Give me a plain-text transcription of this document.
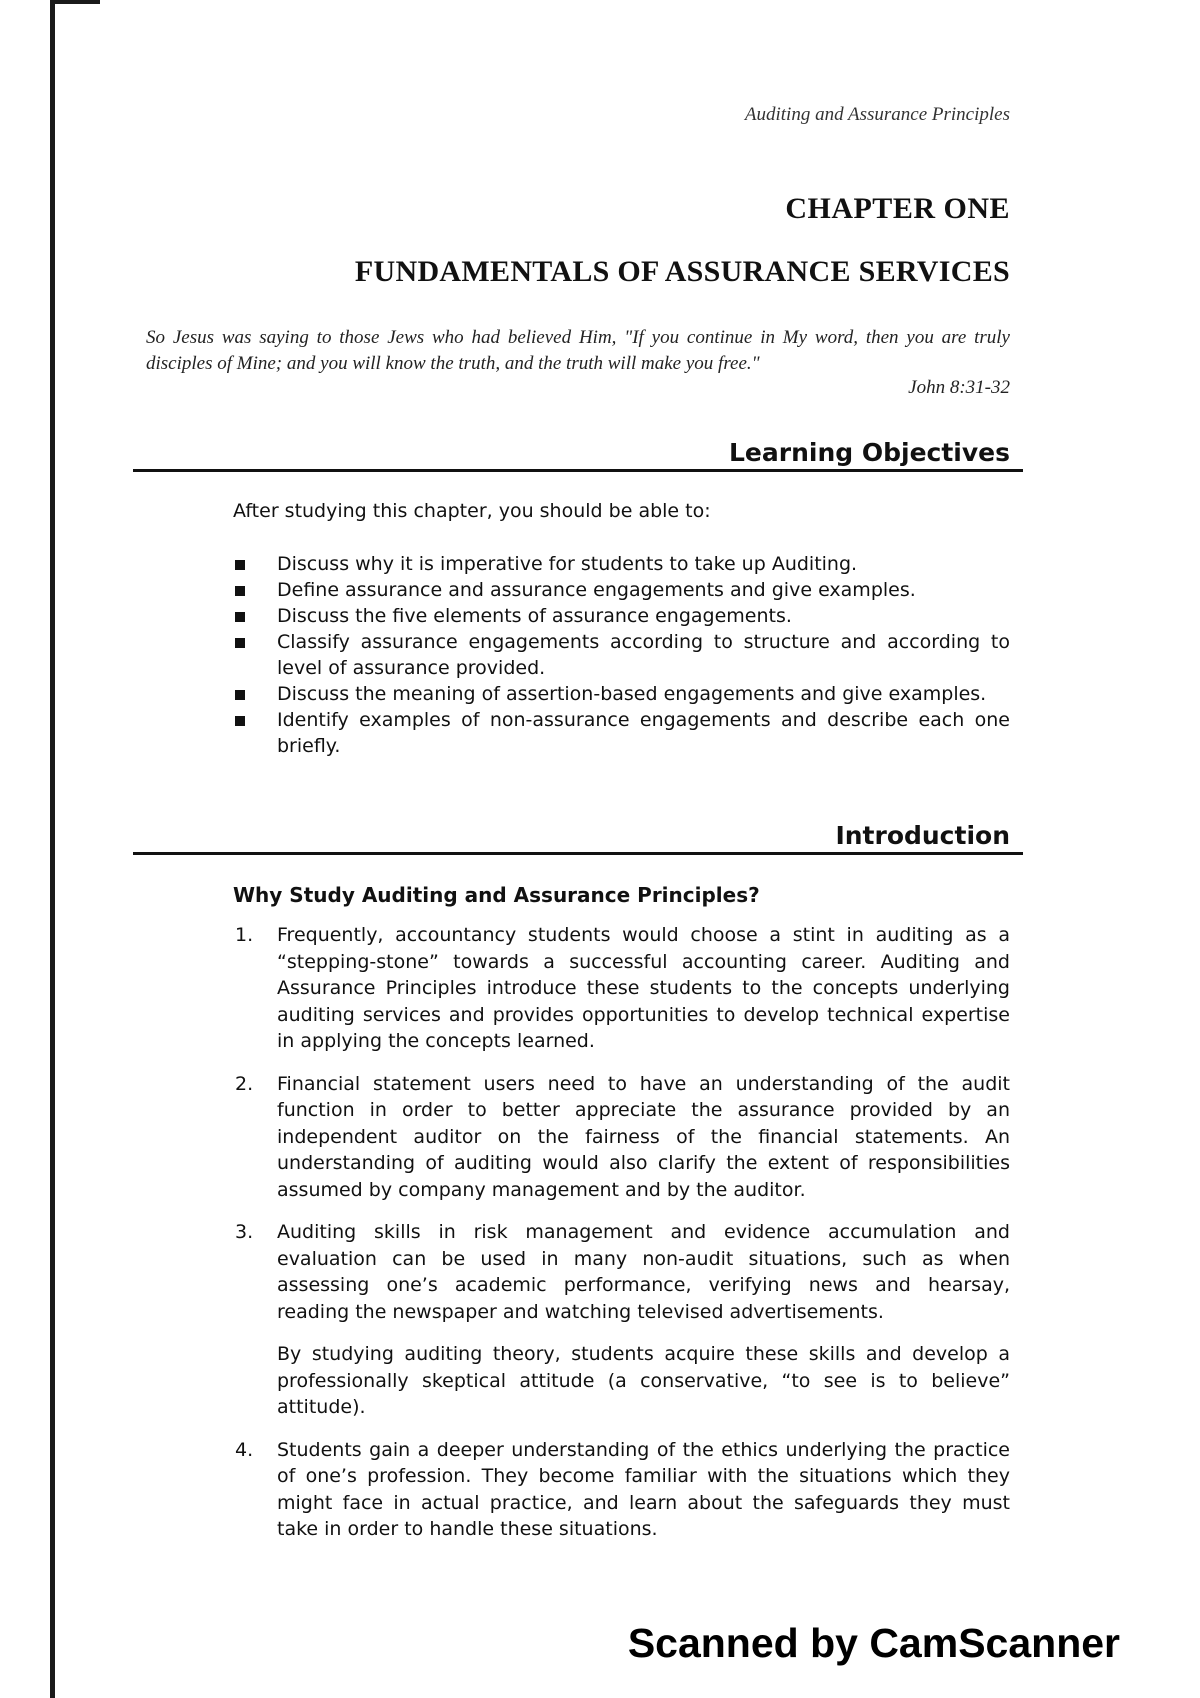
Auditing and Assurance Principles
CHAPTER ONE
FUNDAMENTALS OF ASSURANCE SERVICES
So Jesus was saying to those Jews who had believed Him, "If you continue in My word, then you are truly disciples of Mine; and you will know the truth, and the truth will make you free."
John 8:31-32
Learning Objectives
After studying this chapter, you should be able to:
Discuss why it is imperative for students to take up Auditing.
Define assurance and assurance engagements and give examples.
Discuss the five elements of assurance engagements.
Classify assurance engagements according to structure and according to level of assurance provided.
Discuss the meaning of assertion-based engagements and give examples.
Identify examples of non-assurance engagements and describe each one briefly.
Introduction
Why Study Auditing and Assurance Principles?
1. Frequently, accountancy students would choose a stint in auditing as a “stepping-stone” towards a successful accounting career. Auditing and Assurance Principles introduce these students to the concepts underlying auditing services and provides opportunities to develop technical expertise in applying the concepts learned.

2. Financial statement users need to have an understanding of the audit function in order to better appreciate the assurance provided by an independent auditor on the fairness of the financial statements. An understanding of auditing would also clarify the extent of responsibilities assumed by company management and by the auditor.

3. Auditing skills in risk management and evidence accumulation and evaluation can be used in many non-audit situations, such as when assessing one’s academic performance, verifying news and hearsay, reading the newspaper and watching televised advertisements.

By studying auditing theory, students acquire these skills and develop a professionally skeptical attitude (a conservative, “to see is to believe” attitude).

4. Students gain a deeper understanding of the ethics underlying the practice of one’s profession. They become familiar with the situations which they might face in actual practice, and learn about the safeguards they must take in order to handle these situations.

Scanned by CamScanner
